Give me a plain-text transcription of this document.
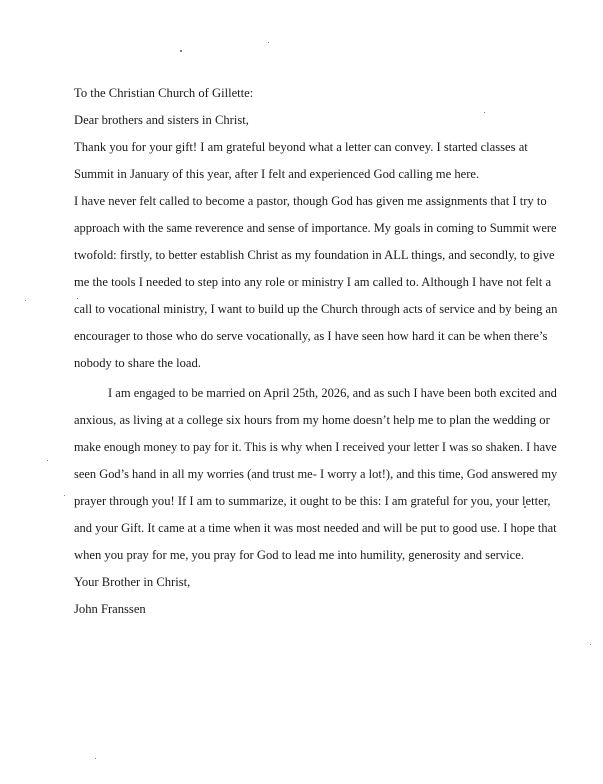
To the Christian Church of Gillette:
Dear brothers and sisters in Christ,
Thank you for your gift! I am grateful beyond what a letter can convey. I started classes at
Summit in January of this year, after I felt and experienced God calling me here.
I have never felt called to become a pastor, though God has given me assignments that I try to
approach with the same reverence and sense of importance. My goals in coming to Summit were
twofold: firstly, to better establish Christ as my foundation in ALL things, and secondly, to give
me the tools I needed to step into any role or ministry I am called to. Although I have not felt a
call to vocational ministry, I want to build up the Church through acts of service and by being an
encourager to those who do serve vocationally, as I have seen how hard it can be when there’s
nobody to share the load.
I am engaged to be married on April 25th, 2026, and as such I have been both excited and
anxious, as living at a college six hours from my home doesn’t help me to plan the wedding or
make enough money to pay for it. This is why when I received your letter I was so shaken. I have
seen God’s hand in all my worries (and trust me- I worry a lot!), and this time, God answered my
prayer through you! If I am to summarize, it ought to be this: I am grateful for you, your letter,
and your Gift. It came at a time when it was most needed and will be put to good use. I hope that
when you pray for me, you pray for God to lead me into humility, generosity and service.
Your Brother in Christ,
John Franssen
